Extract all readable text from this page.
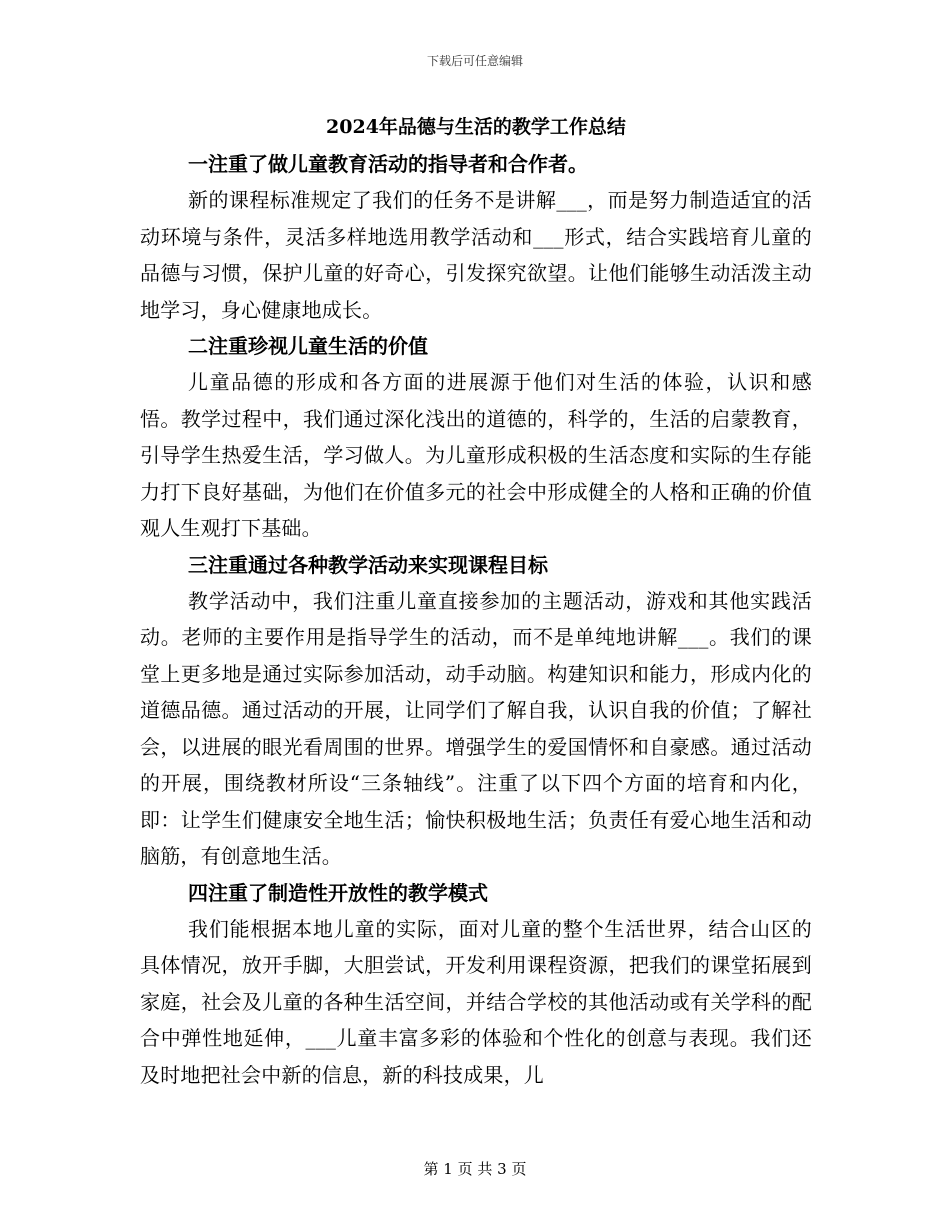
下载后可任意编辑
2024年品德与生活的教学工作总结
一注重了做儿童教育活动的指导者和合作者。

新的课程标准规定了我们的任务不是讲解___，而是努力制造适宜的活动环境与条件，灵活多样地选用教学活动和___形式，结合实践培育儿童的品德与习惯，保护儿童的好奇心，引发探究欲望。让他们能够生动活泼主动地学习，身心健康地成长。

二注重珍视儿童生活的价值

儿童品德的形成和各方面的进展源于他们对生活的体验，认识和感悟。教学过程中，我们通过深化浅出的道德的，科学的，生活的启蒙教育，引导学生热爱生活，学习做人。为儿童形成积极的生活态度和实际的生存能力打下良好基础，为他们在价值多元的社会中形成健全的人格和正确的价值观人生观打下基础。

三注重通过各种教学活动来实现课程目标

教学活动中，我们注重儿童直接参加的主题活动，游戏和其他实践活动。老师的主要作用是指导学生的活动，而不是单纯地讲解___。我们的课堂上更多地是通过实际参加活动，动手动脑。构建知识和能力，形成内化的道德品德。通过活动的开展，让同学们了解自我，认识自我的价值；了解社会，以进展的眼光看周围的世界。增强学生的爱国情怀和自豪感。通过活动的开展，围绕教材所设“三条轴线”。注重了以下四个方面的培育和内化，即：让学生们健康安全地生活；愉快积极地生活；负责任有爱心地生活和动脑筋，有创意地生活。

四注重了制造性开放性的教学模式

我们能根据本地儿童的实际，面对儿童的整个生活世界，结合山区的具体情况，放开手脚，大胆尝试，开发利用课程资源，把我们的课堂拓展到家庭，社会及儿童的各种生活空间，并结合学校的其他活动或有关学科的配合中弹性地延伸，___儿童丰富多彩的体验和个性化的创意与表现。我们还及时地把社会中新的信息，新的科技成果，儿

第 1 页 共 3 页
